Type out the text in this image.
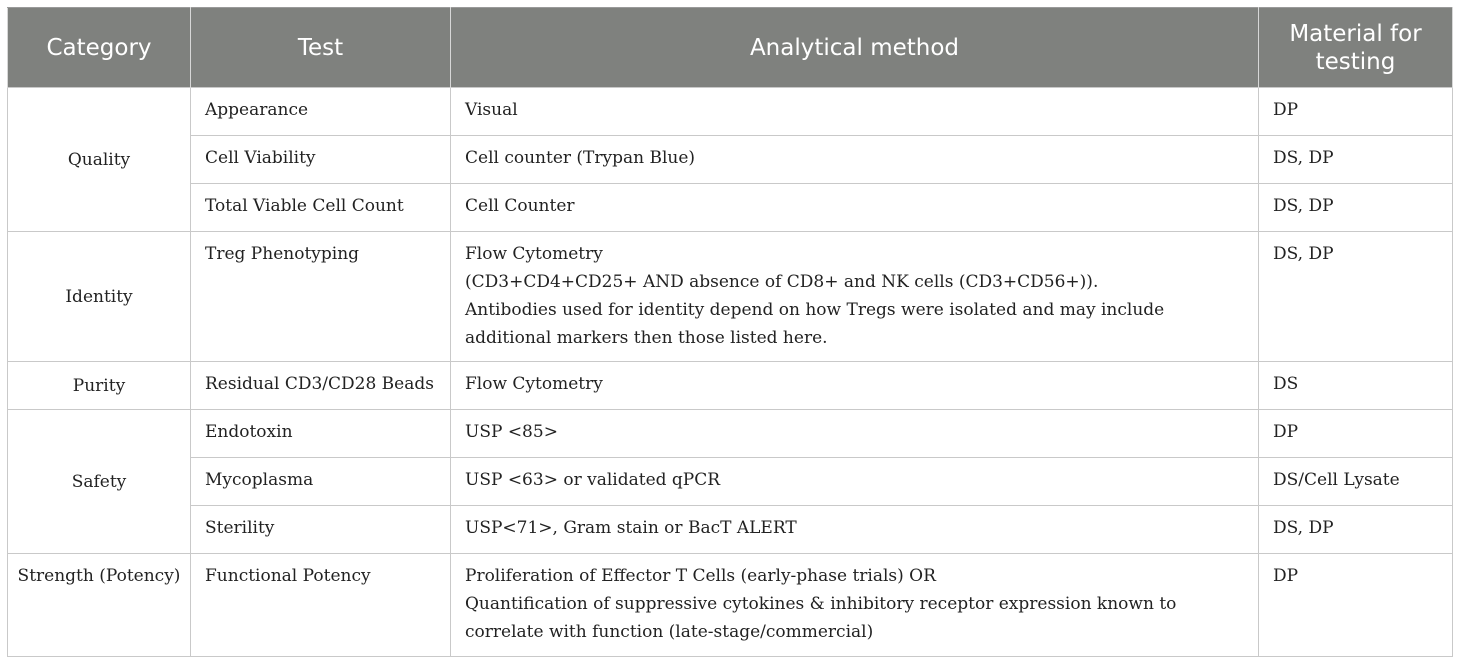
Category	Test	Analytical method	Material for testing
Quality	Appearance	Visual	DP
	Cell Viability	Cell counter (Trypan Blue)	DS, DP
	Total Viable Cell Count	Cell Counter	DS, DP
Identity	Treg Phenotyping	Flow Cytometry
(CD3+CD4+CD25+ AND absence of CD8+ and NK cells (CD3+CD56+)).
Antibodies used for identity depend on how Tregs were isolated and may include additional markers then those listed here.	DS, DP
Purity	Residual CD3/CD28 Beads	Flow Cytometry	DS
Safety	Endotoxin	USP <85>	DP
	Mycoplasma	USP <63> or validated qPCR	DS/Cell Lysate
	Sterility	USP<71>, Gram stain or BacT ALERT	DS, DP
Strength (Potency)	Functional Potency	Proliferation of Effector T Cells (early-phase trials) OR
Quantification of suppressive cytokines & inhibitory receptor expression known to correlate with function (late-stage/commercial)	DP
